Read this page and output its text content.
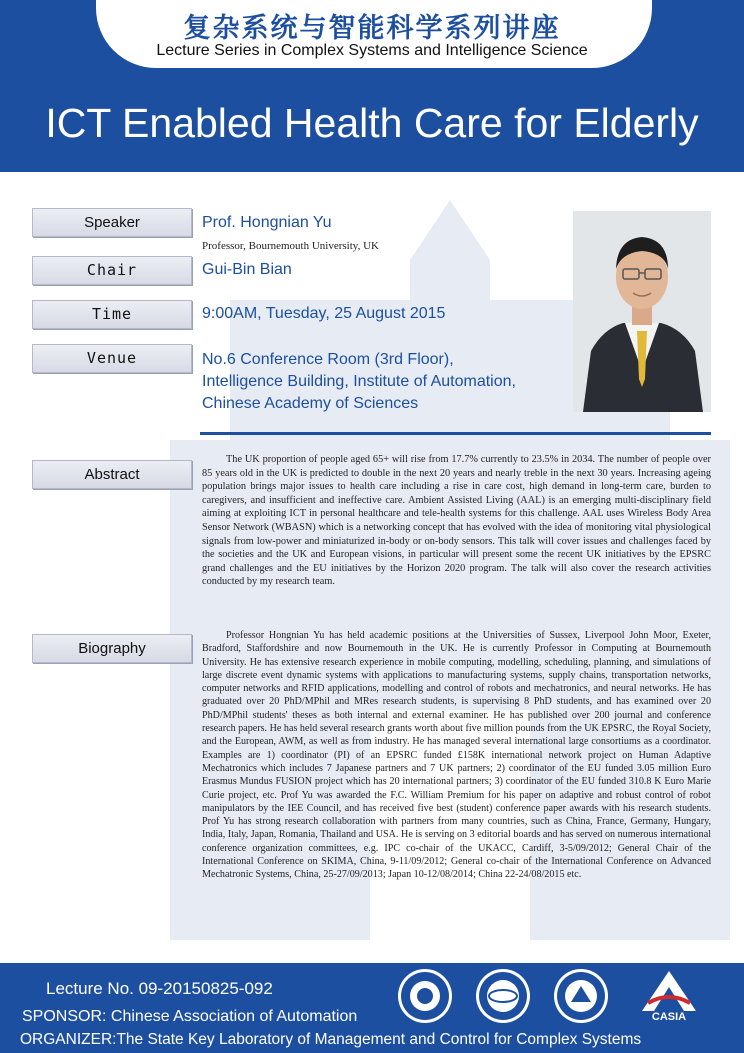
复杂系统与智能科学系列讲座
Lecture Series in Complex Systems and Intelligence Science
ICT Enabled Health Care for Elderly
Speaker	Prof. Hongnian Yu
Professor, Bournemouth University, UK
Chair	Gui-Bin Bian
Time	9:00AM, Tuesday, 25 August 2015
Venue	No.6 Conference Room (3rd Floor),
Intelligence Building, Institute of Automation,
Chinese Academy of Sciences
Abstract

The UK proportion of people aged 65+ will rise from 17.7% currently to 23.5% in 2034. The number of people over 85 years old in the UK is predicted to double in the next 20 years and nearly treble in the next 30 years. Increasing ageing population brings major issues to health care including a rise in care cost, high demand in long-term care, burden to caregivers, and insufficient and ineffective care. Ambient Assisted Living (AAL) is an emerging multi-disciplinary field aiming at exploiting ICT in personal healthcare and tele-health systems for this challenge. AAL uses Wireless Body Area Sensor Network (WBASN) which is a networking concept that has evolved with the idea of monitoring vital physiological signals from low-power and miniaturized in-body or on-body sensors. This talk will cover issues and challenges faced by the societies and the UK and European visions, in particular will present some the recent UK initiatives by the EPSRC grand challenges and the EU initiatives by the Horizon 2020 program. The talk will also cover the research activities conducted by my research team.

Biography

Professor Hongnian Yu has held academic positions at the Universities of Sussex, Liverpool John Moor, Exeter, Bradford, Staffordshire and now Bournemouth in the UK. He is currently Professor in Computing at Bournemouth University. He has extensive research experience in mobile computing, modelling, scheduling, planning, and simulations of large discrete event dynamic systems with applications to manufacturing systems, supply chains, transportation networks, computer networks and RFID applications, modelling and control of robots and mechatronics, and neural networks. He has graduated over 20 PhD/MPhil and MRes research students, is supervising 8 PhD students, and has examined over 20 PhD/MPhil students' theses as both internal and external examiner. He has published over 200 journal and conference research papers. He has held several research grants worth about five million pounds from the UK EPSRC, the Royal Society, and the European, AWM, as well as from industry. He has managed several international large consortiums as a coordinator. Examples are 1) coordinator (PI) of an EPSRC funded £158K international network project on Human Adaptive Mechatronics which includes 7 Japanese partners and 7 UK partners; 2) coordinator of the EU funded 3.05 million Euro Erasmus Mundus FUSION project which has 20 international partners; 3) coordinator of the EU funded 310.8 K Euro Marie Curie project, etc. Prof Yu was awarded the F.C. William Premium for his paper on adaptive and robust control of robot manipulators by the IEE Council, and has received five best (student) conference paper awards with his research students. Prof Yu has strong research collaboration with partners from many countries, such as China, France, Germany, Hungary, India, Italy, Japan, Romania, Thailand and USA. He is serving on 3 editorial boards and has served on numerous international conference organization committees, e.g. IPC co-chair of the UKACC, Cardiff, 3-5/09/2012; General Chair of the International Conference on SKIMA, China, 9-11/09/2012; General co-chair of the International Conference on Advanced Mechatronic Systems, China, 25-27/09/2013; Japan 10-12/08/2014; China 22-24/08/2015 etc.

Lecture No. 09-20150825-092
SPONSOR: Chinese Association of Automation
ORGANIZER:The State Key Laboratory of Management and Control for Complex Systems
CASIA
